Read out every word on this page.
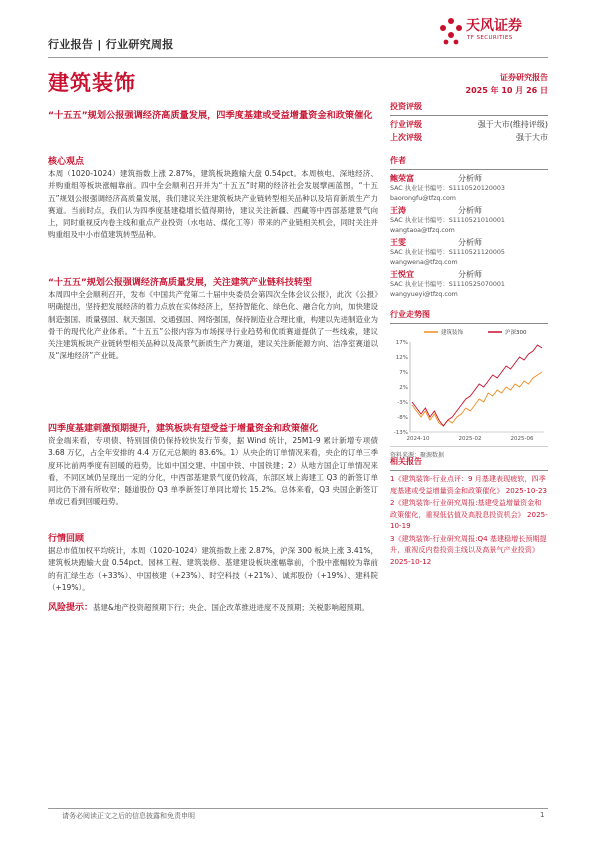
行业报告 | 行业研究周报
天风证券
TF SECURITIES
建筑装饰	证券研究报告
2025 年 10 月 26 日
“十五五”规划公报强调经济高质量发展，四季度基建或受益增量资金和政策催化
核心观点

本周（1020-1024）建筑指数上涨 2.87%，建筑板块跑输大盘 0.54pct。本周核电、深地经济、并购重组等板块涨幅靠前。四中全会顺利召开并为“十五五”时期的经济社会发展擘画蓝图，“十五五”规划公报强调经济高质量发展，我们建议关注建筑板块产业链转型相关品种以及培育新质生产力赛道。当前时点，我们认为四季度基建稳增长值得期待，建议关注新疆、西藏等中西部基建景气向上，同时重视反内卷主线和重点产业投资（水电站、煤化工等）带来的产业链相关机会，同时关注并购重组及中小市值建筑转型品种。

“十五五”规划公报强调经济高质量发展，关注建筑产业链科技转型

本周四中全会顺利召开，发布《中国共产党第二十届中央委员会第四次全体会议公报》，此次《公报》明确提出，坚持把发展经济的着力点放在实体经济上，坚持智能化、绿色化、融合化方向，加快建设制造强国、质量强国、航天强国、交通强国、网络强国，保持制造业合理比重，构建以先进制造业为骨干的现代化产业体系。“十五五”公报内容为市场探寻行业趋势和优质赛道提供了一些线索，建议关注建筑板块产业链转型相关品种以及高景气新质生产力赛道，建议关注新能源方向、洁净室赛道以及“深地经济”产业链。

四季度基建刺激预期提升，建筑板块有望受益于增量资金和政策催化

资金端来看，专项债、特别国债仍保持较快发行节奏，据 Wind 统计，25M1-9 累计新增专项债 3.68 万亿，占全年安排的 4.4 万亿元总额的 83.6%。1）从央企的订单情况来看，央企的订单三季度环比前两季度有回暖的趋势，比如中国交建、中国中铁、中国铁建；2）从地方国企订单情况来看，不同区域仍呈现出一定的分化，中西部基建景气度仍较高，东部区域上海建工 Q3 的新签订单同比仍下滑有所收窄；隧道股份 Q3 单季新签订单同比增长 15.2%。总体来看，Q3 央国企新签订单或已看到回暖趋势。

行情回顾

据总市值加权平均统计，本周（1020-1024）建筑指数上涨 2.87%，沪深 300 板块上涨 3.41%，建筑板块跑输大盘 0.54pct。园林工程、建筑装修、基建建设板块涨幅靠前，个股中涨幅较为靠前的有汇绿生态（+33%）、中国核建（+23%）、时空科技（+21%）、诚邦股份（+19%）、建科院（+19%）。

风险提示：基建&地产投资超预期下行；央企、国企改革推进进度不及预期；关税影响超预期。

投资评级
行业评级	强于大市(维持评级)
上次评级	强于大市
作者
鲍荣富	分析师
SAC 执业证书编号：S1110520120003
baorongfu@tfzq.com
王涛	分析师
SAC 执业证书编号：S1110521010001
wangtaoa@tfzq.com
王雯	分析师
SAC 执业证书编号：S1110521120005
wangwena@tfzq.com
王悦宜	分析师
SAC 执业证书编号：S1110525070001
wangyueyi@tfzq.com
行业走势图
17%
12%
7%
2%
-3%
-8%
-13%
2024-10	2025-02	2025-06
建筑装饰	沪深300
资料来源：聚源数据
相关报告
1《建筑装饰-行业点评：9 月基建表现疲软，四季度基建或受益增量资金和政策催化》 2025-10-23
2《建筑装饰-行业研究周报:基建受益增量资金和政策催化，重视低估值及高股息投资机会》 2025-10-19
3《建筑装饰-行业研究周报:Q4 基建稳增长预期提升，重视反内卷投资主线以及高景气产业投资》 2025-10-12
请务必阅读正文之后的信息披露和免责申明	1
